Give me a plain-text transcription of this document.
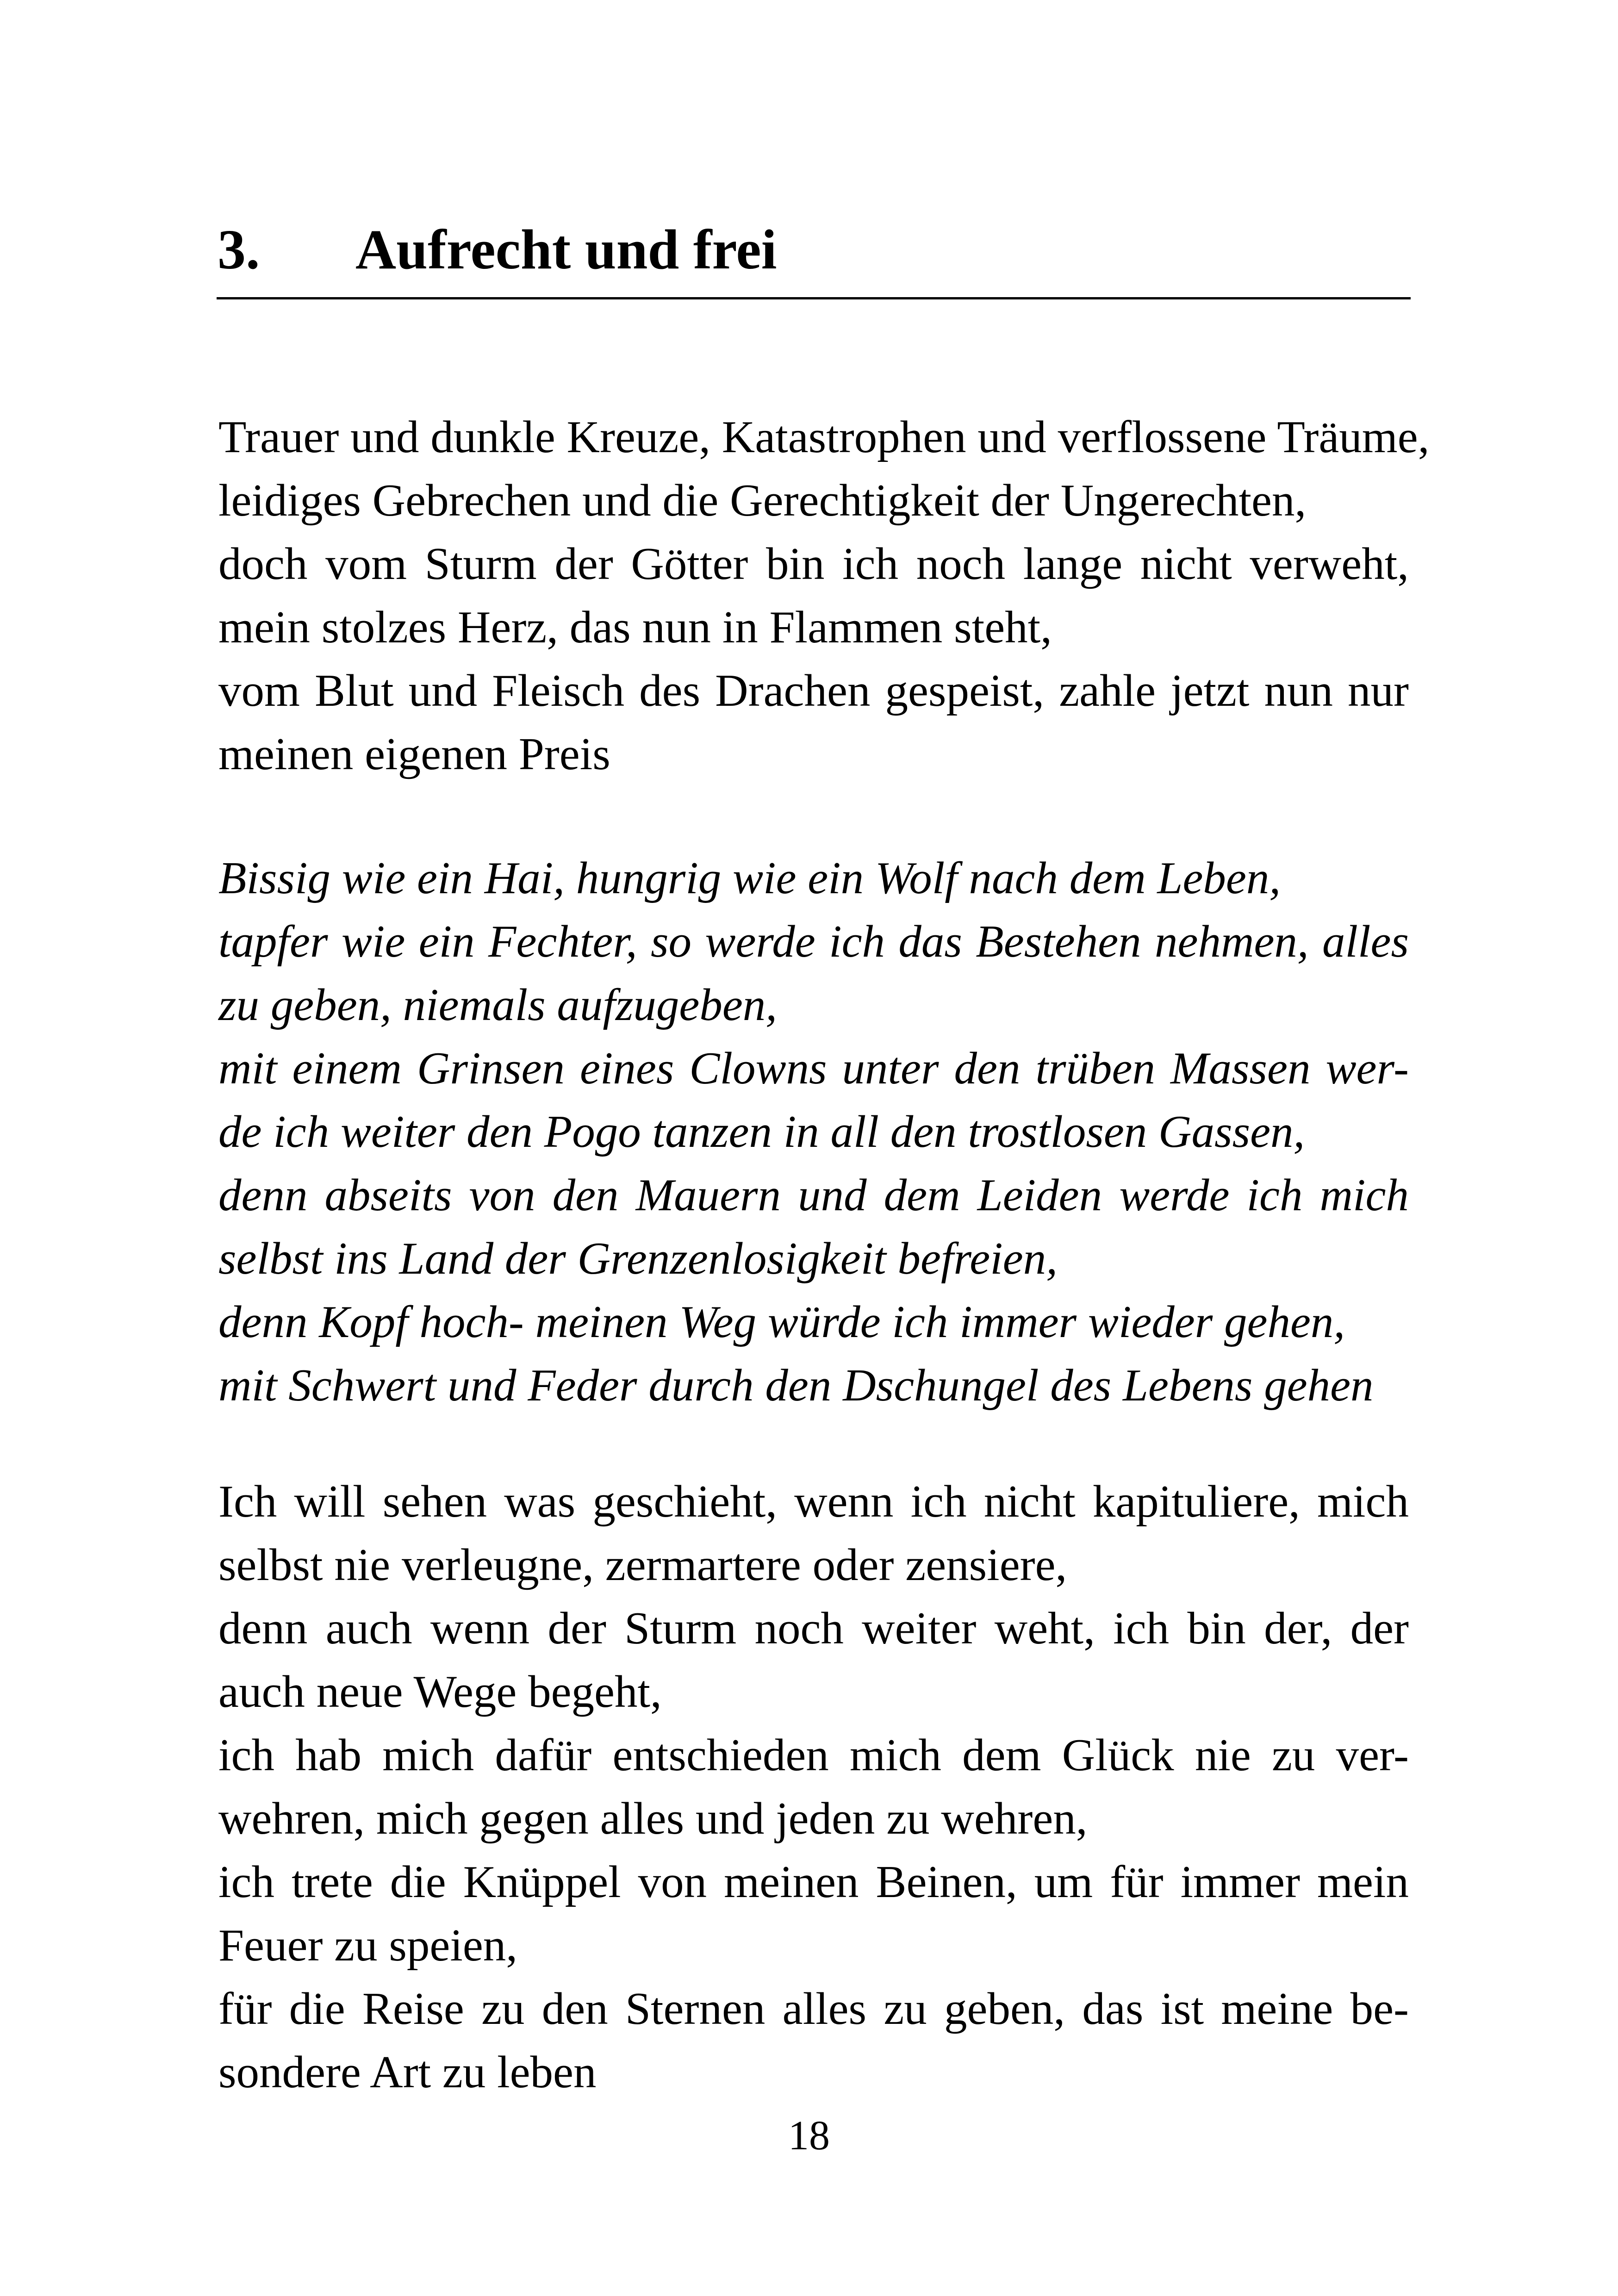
3. Aufrecht und frei
Trauer und dunkle Kreuze, Katastrophen und verflossene Träume,
leidiges Gebrechen und die Gerechtigkeit der Ungerechten,
doch vom Sturm der Götter bin ich noch lange nicht verweht,
mein stolzes Herz, das nun in Flammen steht,
vom Blut und Fleisch des Drachen gespeist, zahle jetzt nun nur
meinen eigenen Preis
Bissig wie ein Hai, hungrig wie ein Wolf nach dem Leben,
tapfer wie ein Fechter, so werde ich das Bestehen nehmen, alles
zu geben, niemals aufzugeben,
mit einem Grinsen eines Clowns unter den trüben Massen wer-
de ich weiter den Pogo tanzen in all den trostlosen Gassen,
denn abseits von den Mauern und dem Leiden werde ich mich
selbst ins Land der Grenzenlosigkeit befreien,
denn Kopf hoch- meinen Weg würde ich immer wieder gehen,
mit Schwert und Feder durch den Dschungel des Lebens gehen
Ich will sehen was geschieht, wenn ich nicht kapituliere, mich
selbst nie verleugne, zermartere oder zensiere,
denn auch wenn der Sturm noch weiter weht, ich bin der, der
auch neue Wege begeht,
ich hab mich dafür entschieden mich dem Glück nie zu ver-
wehren, mich gegen alles und jeden zu wehren,
ich trete die Knüppel von meinen Beinen, um für immer mein
Feuer zu speien,
für die Reise zu den Sternen alles zu geben, das ist meine be-
sondere Art zu leben
18
